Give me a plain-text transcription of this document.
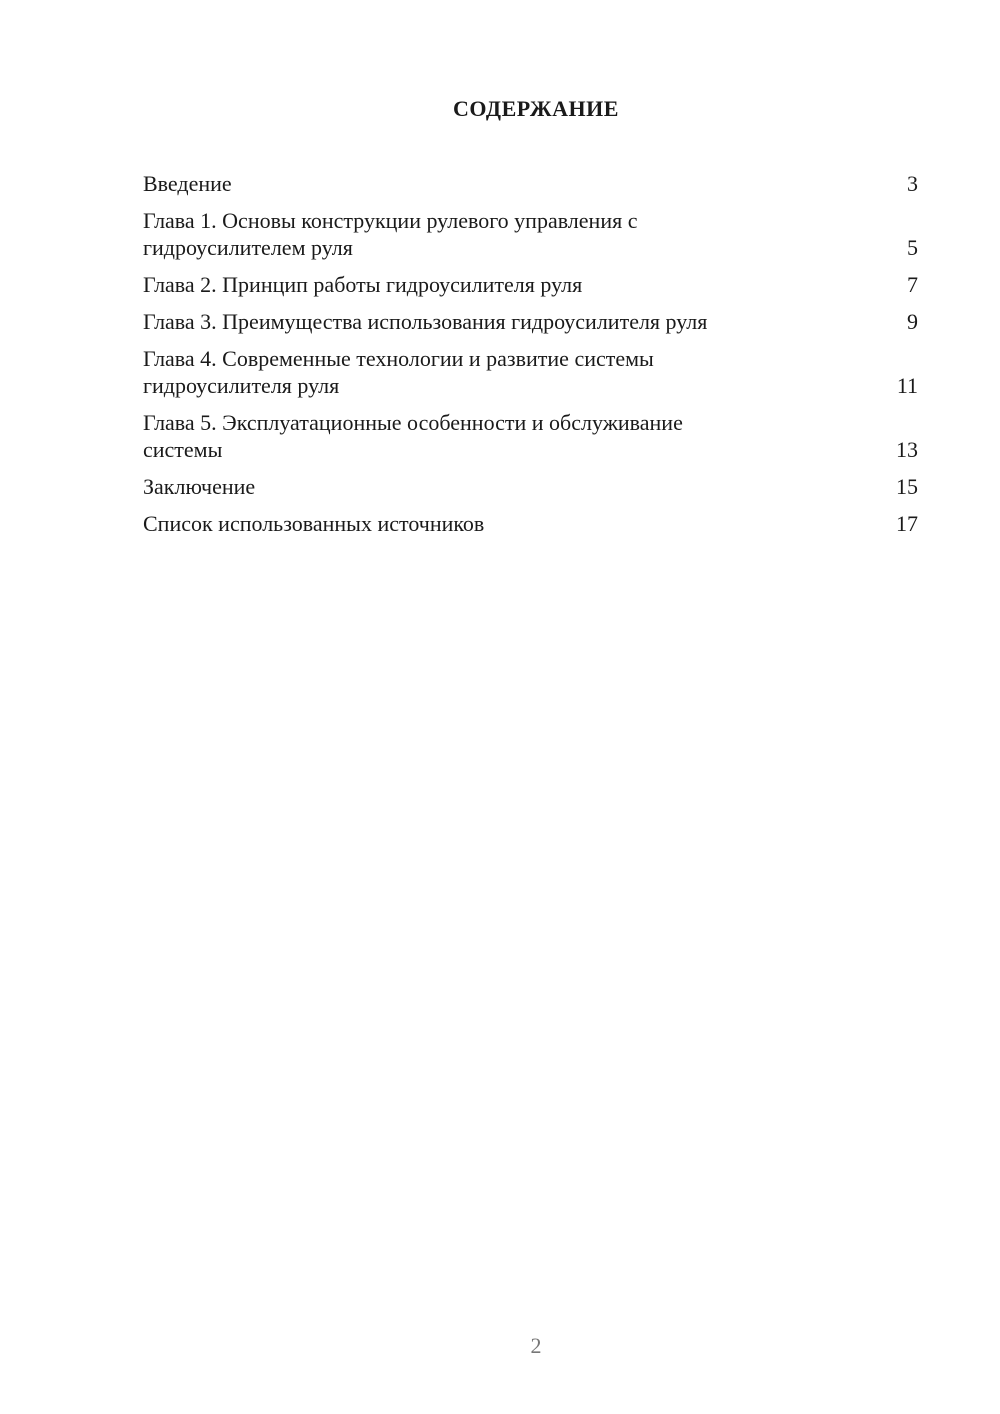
СОДЕРЖАНИЕ
Введение	3
Глава 1. Основы конструкции рулевого управления с
гидроусилителем руля	5
Глава 2. Принцип работы гидроусилителя руля	7
Глава 3. Преимущества использования гидроусилителя руля	9
Глава 4. Современные технологии и развитие системы
гидроусилителя руля	11
Глава 5. Эксплуатационные особенности и обслуживание
системы	13
Заключение	15
Список использованных источников	17
2
